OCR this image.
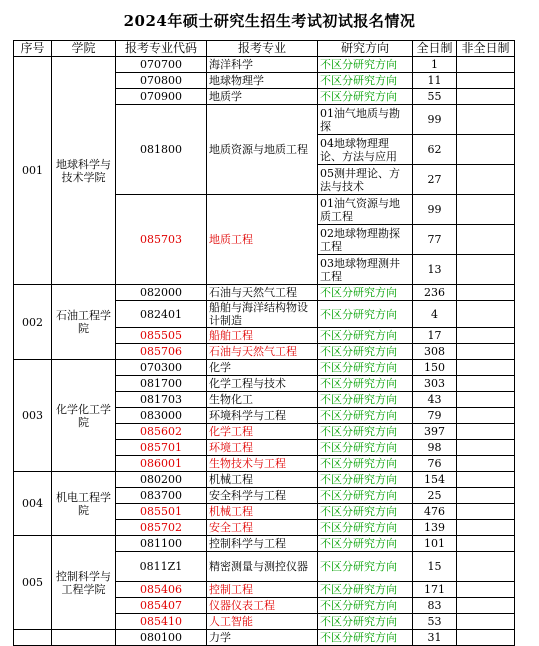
2024年硕士研究生招生考试初试报名情况
序号	学院	报考专业代码	报考专业	研究方向	全日制	非全日制
001	地球科学与技术学院	070700	海洋科学	不区分研究方向	1	
		070800	地球物理学	不区分研究方向	11	
		070900	地质学	不区分研究方向	55	
		081800	地质资源与地质工程	01油气地质与勘探	99	
				04地球物理理论、方法与应用	62	
				05测井理论、方法与技术	27	
		085703	地质工程	01油气资源与地质工程	99	
				02地球物理勘探工程	77	
				03地球物理测井工程	13	
002	石油工程学院	082000	石油与天然气工程	不区分研究方向	236	
		082401	船舶与海洋结构物设计制造	不区分研究方向	4	
		085505	船舶工程	不区分研究方向	17	
		085706	石油与天然气工程	不区分研究方向	308	
003	化学化工学院	070300	化学	不区分研究方向	150	
		081700	化学工程与技术	不区分研究方向	303	
		081703	生物化工	不区分研究方向	43	
		083000	环境科学与工程	不区分研究方向	79	
		085602	化学工程	不区分研究方向	397	
		085701	环境工程	不区分研究方向	98	
		086001	生物技术与工程	不区分研究方向	76	
004	机电工程学院	080200	机械工程	不区分研究方向	154	
		083700	安全科学与工程	不区分研究方向	25	
		085501	机械工程	不区分研究方向	476	
		085702	安全工程	不区分研究方向	139	
005	控制科学与工程学院	081100	控制科学与工程	不区分研究方向	101	
		0811Z1	精密测量与测控仪器	不区分研究方向	15	
		085406	控制工程	不区分研究方向	171	
		085407	仪器仪表工程	不区分研究方向	83	
		085410	人工智能	不区分研究方向	53	
		080100	力学	不区分研究方向	31	
